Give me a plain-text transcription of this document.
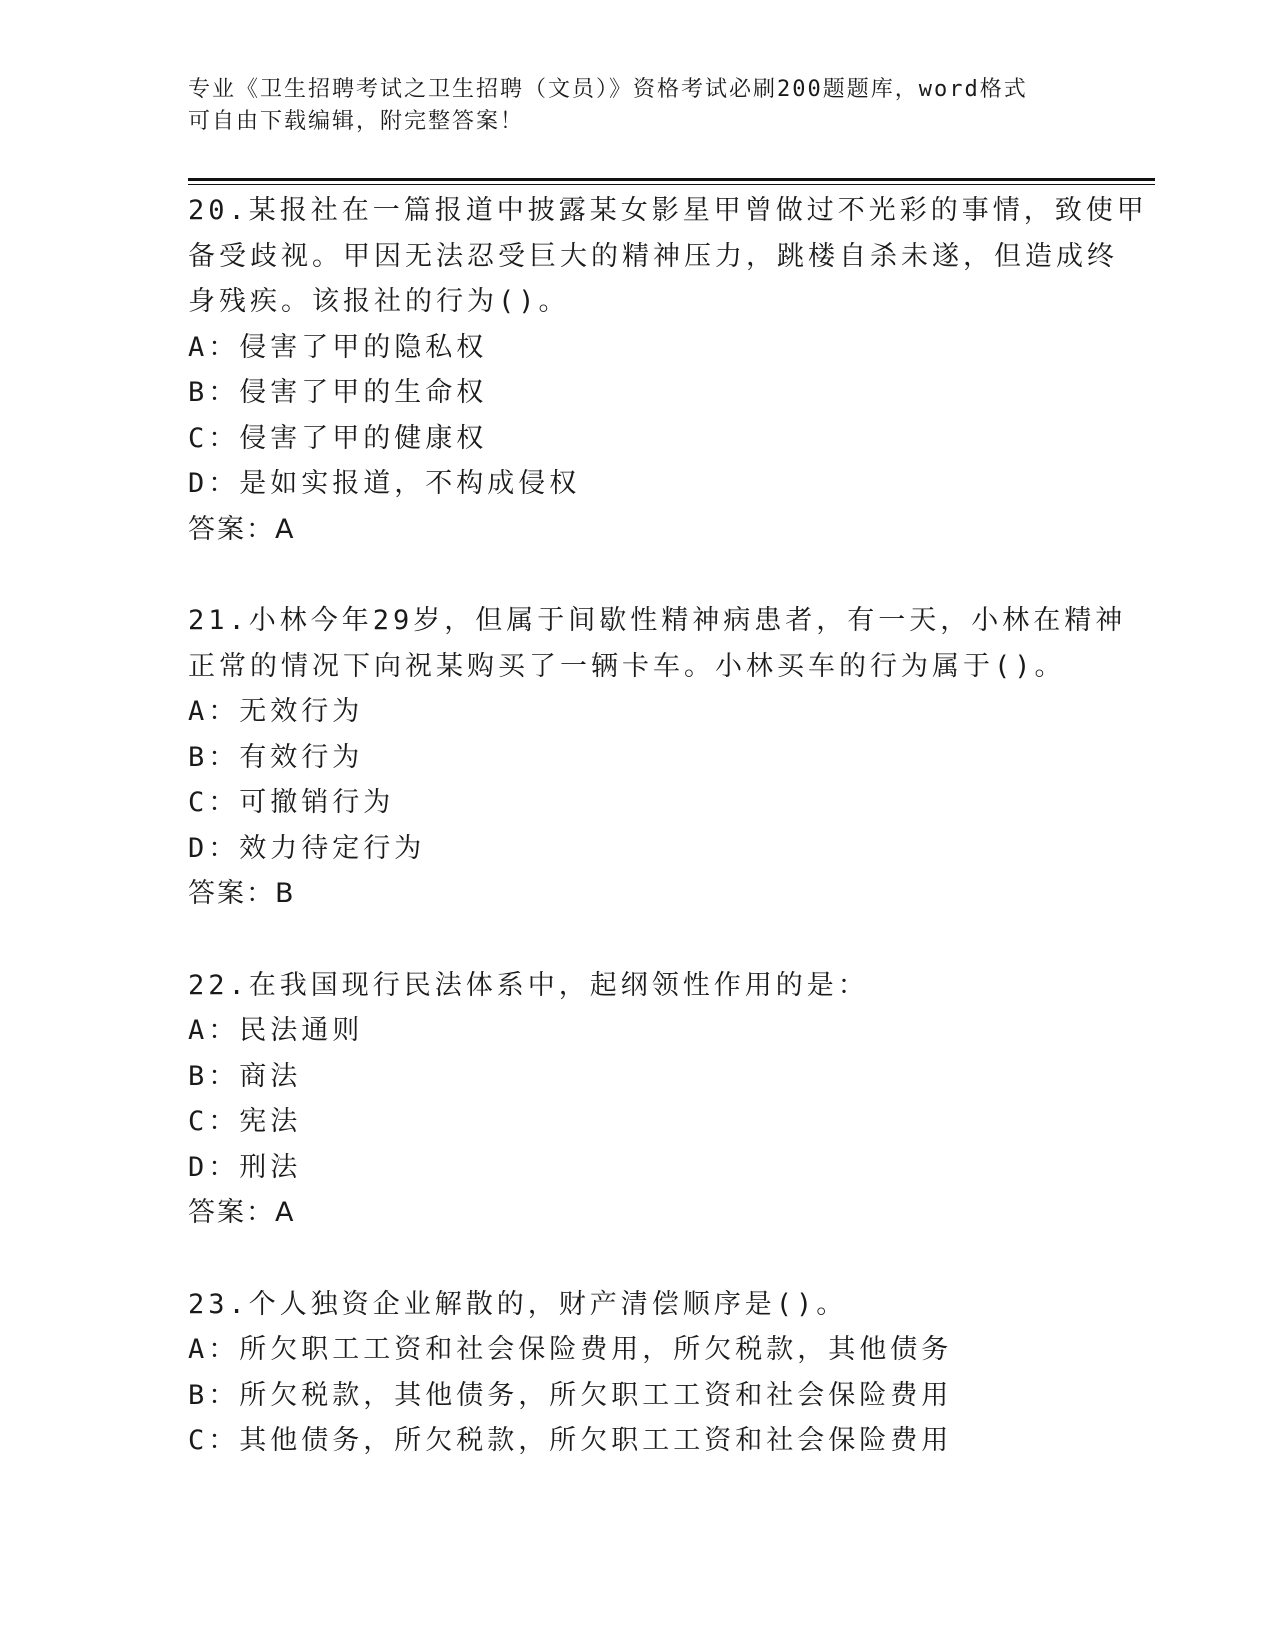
专业《卫生招聘考试之卫生招聘（文员）》资格考试必刷200题题库，word格式
可自由下载编辑，附完整答案！
20.某报社在一篇报道中披露某女影星甲曾做过不光彩的事情，致使甲
备受歧视。甲因无法忍受巨大的精神压力，跳楼自杀未遂，但造成终
身残疾。该报社的行为()。
A：侵害了甲的隐私权
B：侵害了甲的生命权
C：侵害了甲的健康权
D：是如实报道，不构成侵权
答案：A
21.小林今年29岁，但属于间歇性精神病患者，有一天，小林在精神
正常的情况下向祝某购买了一辆卡车。小林买车的行为属于()。
A：无效行为
B：有效行为
C：可撤销行为
D：效力待定行为
答案：B
22.在我国现行民法体系中，起纲领性作用的是：
A：民法通则
B：商法
C：宪法
D：刑法
答案：A
23.个人独资企业解散的，财产清偿顺序是()。
A：所欠职工工资和社会保险费用，所欠税款，其他债务
B：所欠税款，其他债务，所欠职工工资和社会保险费用
C：其他债务，所欠税款，所欠职工工资和社会保险费用
